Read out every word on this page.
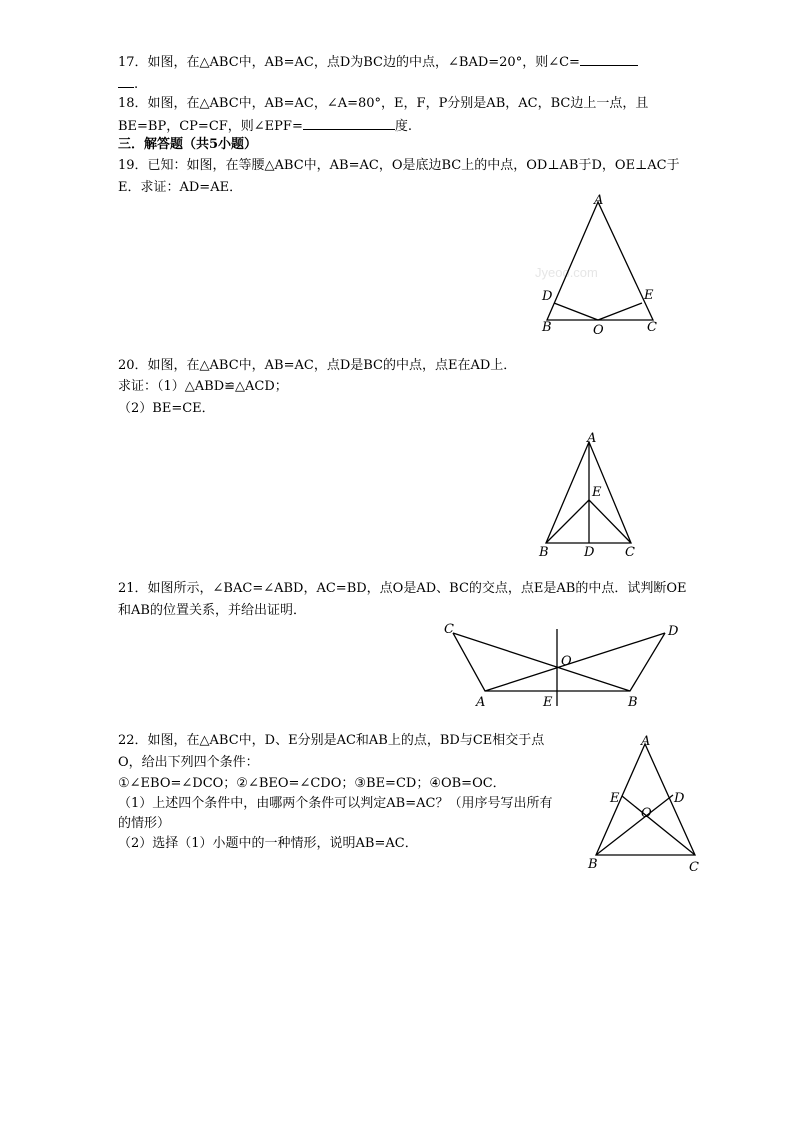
17．如图，在△ABC中，AB=AC，点D为BC边的中点，∠BAD=20°，则∠C=
.
18．如图，在△ABC中，AB=AC，∠A=80°，E，F，P分别是AB，AC，BC边上一点，且
BE=BP，CP=CF，则∠EPF=	度.
三．解答题（共5小题）
19．已知：如图，在等腰△ABC中，AB=AC，O是底边BC上的中点，OD⊥AB于D，OE⊥AC于
E．求证：AD=AE．
Jyeoo.com
A
B	C
D	E
O
20．如图，在△ABC中，AB=AC，点D是BC的中点，点E在AD上．
求证：（1）△ABD≌△ACD；
（2）BE=CE．
A
B	C
D
E
21．如图所示，∠BAC=∠ABD，AC=BD，点O是AD、BC的交点，点E是AB的中点．试判断OE
和AB的位置关系，并给出证明．
C	D
O
A	B
E
22．如图，在△ABC中，D、E分别是AC和AB上的点，BD与CE相交于点
O，给出下列四个条件：
①∠EBO=∠DCO；②∠BEO=∠CDO；③BE=CD；④OB=OC．
（1）上述四个条件中，由哪两个条件可以判定AB=AC？（用序号写出所有
的情形）
（2）选择（1）小题中的一种情形，说明AB=AC．
A
B	C
D
E
O
